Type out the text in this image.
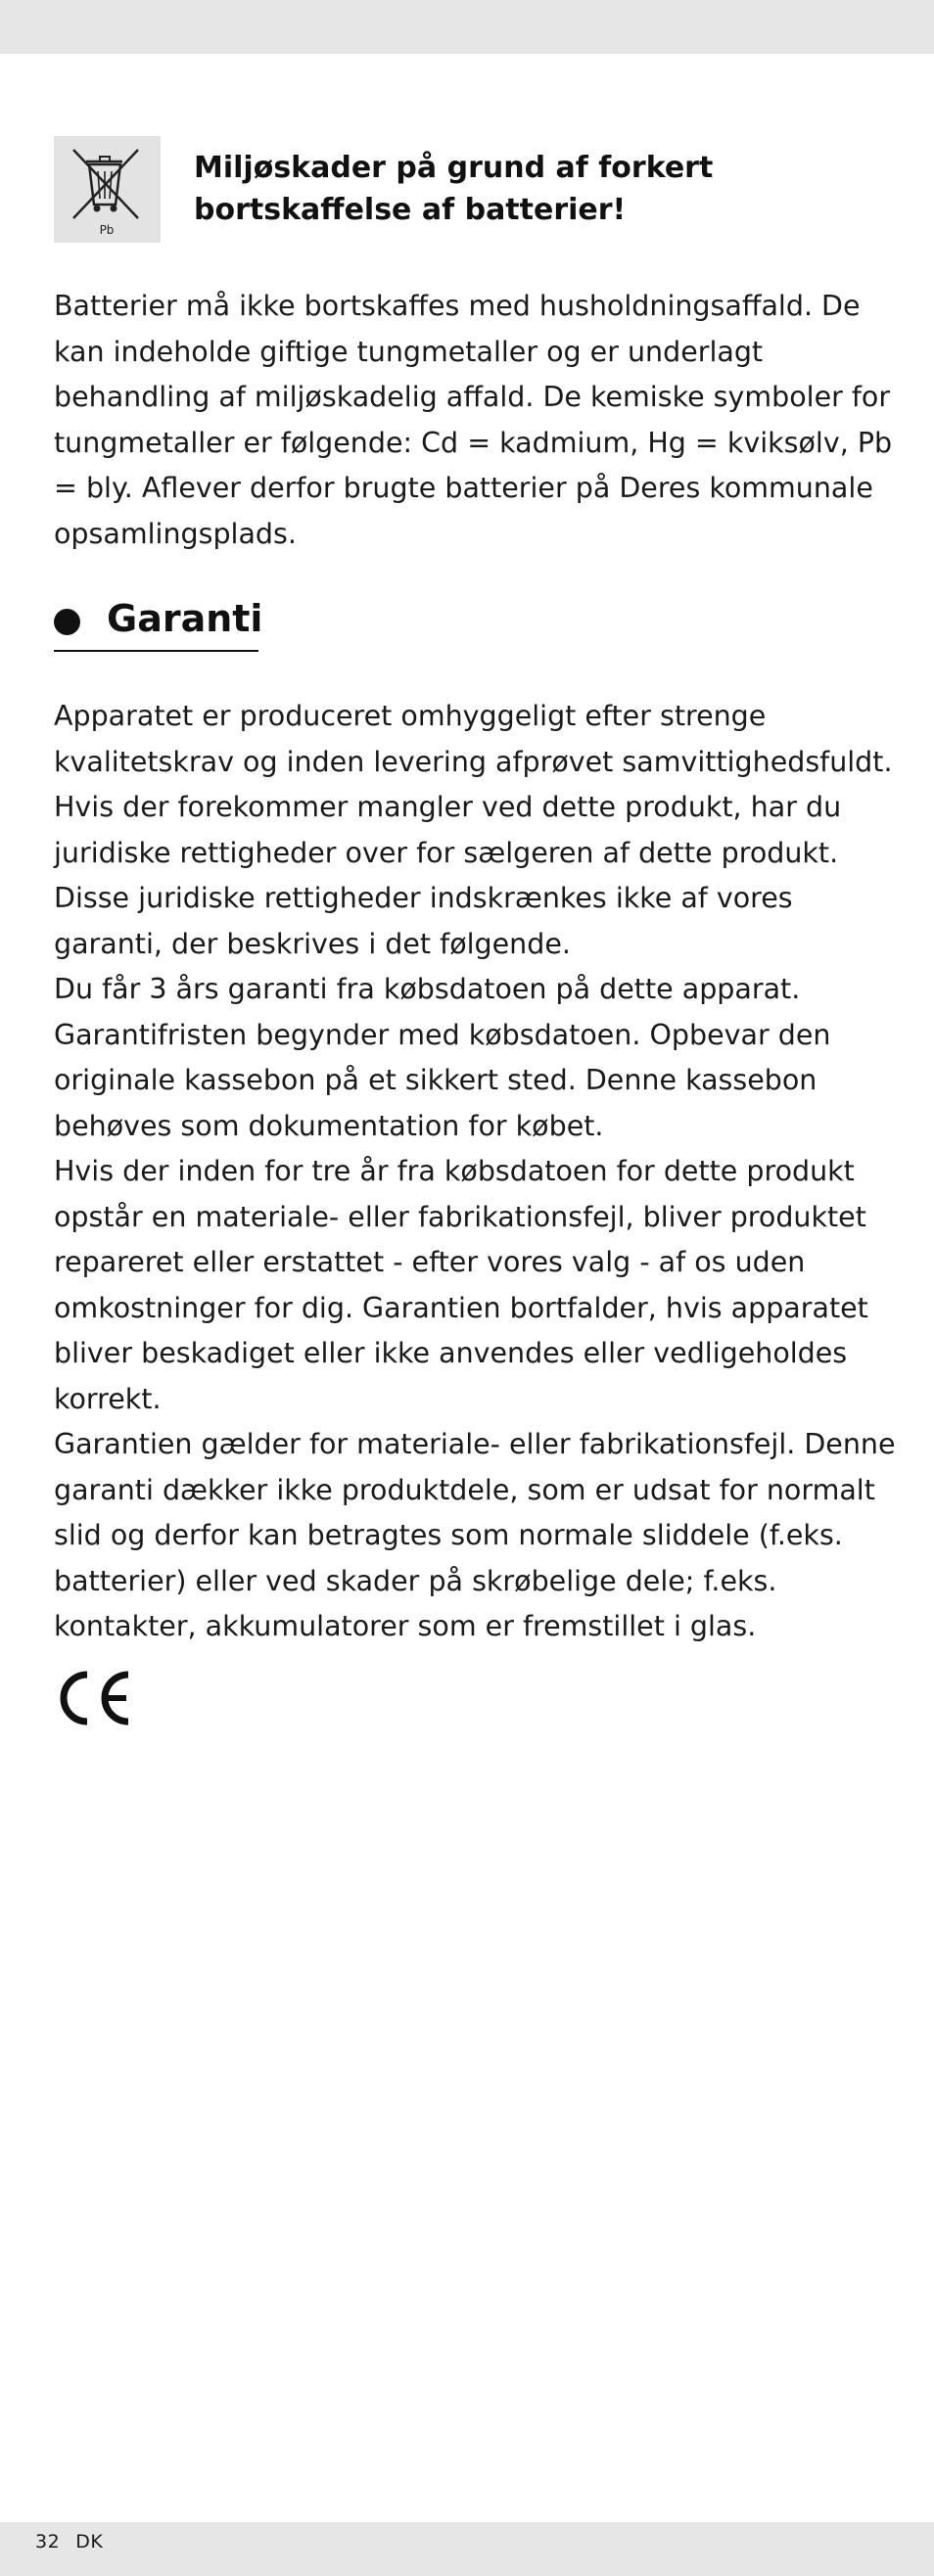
Pb
Miljøskader på grund af forkert
bortskaffelse af batterier!

Batterier må ikke bortskaffes med husholdningsaffald. De kan indeholde giftige tungmetaller og er underlagt behandling af miljøskadelig affald. De kemiske symboler for tungmetaller er følgende: Cd = kadmium, Hg = kviksølv, Pb = bly. Aflever derfor brugte batterier på Deres kommunale opsamlingsplads.

Garanti

Apparatet er produceret omhyggeligt efter strenge kvalitetskrav og inden levering afprøvet samvittighedsfuldt. Hvis der forekommer mangler ved dette produkt, har du juridiske rettigheder over for sælgeren af dette produkt. Disse juridiske rettigheder indskrænkes ikke af vores garanti, der beskrives i det følgende.

Du får 3 års garanti fra købsdatoen på dette apparat. Garantifristen begynder med købsdatoen. Opbevar den originale kassebon på et sikkert sted. Denne kassebon behøves som dokumentation for købet.

Hvis der inden for tre år fra købsdatoen for dette produkt opstår en materiale- eller fabrikationsfejl, bliver produktet repareret eller erstattet - efter vores valg - af os uden omkostninger for dig. Garantien bortfalder, hvis apparatet bliver beskadiget eller ikke anvendes eller vedligeholdes korrekt.

Garantien gælder for materiale- eller fabrikationsfejl. Denne garanti dækker ikke produktdele, som er udsat for normalt slid og derfor kan betragtes som normale sliddele (f.eks. batterier) eller ved skader på skrøbelige dele; f.eks. kontakter, akkumulatorer som er fremstillet i glas.

32 DK
